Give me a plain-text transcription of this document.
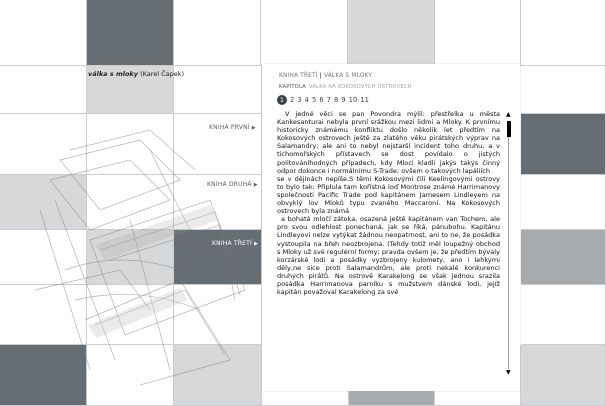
válka s mloky (Karel Čapek)
KNIHA PRVNÍ ▶
KNIHA DRUHÁ ▶
KNIHA TŘETÍ ▶
KNIHA TŘETÍ | VÁLKA S MLOKY
KAPITOLA VÁLKA NA KOKOSOVÝCH OSTROVECH
1 2 3 4 5 6 7 8 9 10 11

V jedné věci se pan Povondra mýlil: přestřelka u města Kankesanturai nebyla první srážkou mezi lidmi a Mloky. K prvnímu historicky známému konfliktu došlo několik let předtím na Kokosových ostrovech ještě za zlatého věku pirátských výprav na Salamandry; ale ani to nebyl nejstarší incident toho druhu, a v tichomořských přístavech se dost povídalo o jistých politováníhodných případech, kdy Mloci kladli jakýs takýs činný odpor dokonce i normálnímu S-Trade; ovšem o takových lapáliích

se v dějinách nepíše.S těmi Kokosovými čili Keelingovými ostrovy to bylo tak: Připlula tam kořístná loď Montrose známé Harrimanovy společnosti Pacific Trade pod kapitánem Jamesem Lindleyem na obvyklý lov Mloků typu zvaného Maccaroni. Na Kokosových ostrovech byla známá

a bohatá mločí zátoka, osazená ještě kapitánem van Tochem, ale pro svou odlehlost ponechaná, jak se říká, pánubohu. Kapitánu Lindleyovi nelze vytýkat žádnou neopatrnost, ani to ne, že posádka vystoupila na břeh neozbrojena. (Tehdy totiž měl loupežný obchod s Mloky už své regulérní formy; pravda ovšem je, že předtím bývaly korzárské lodi a posádky vyzbrojeny kulomety, ano i lehkými děly,ne sice proti Salamandrům, ale proti nekalé konkurenci druhých pirátů. Na ostrově Karakelong se však jednou srazila posádka Harrimanova parníku s mužstvem dánské lodi, jejíž kapitán považoval Karakelong za své

▲
▼
